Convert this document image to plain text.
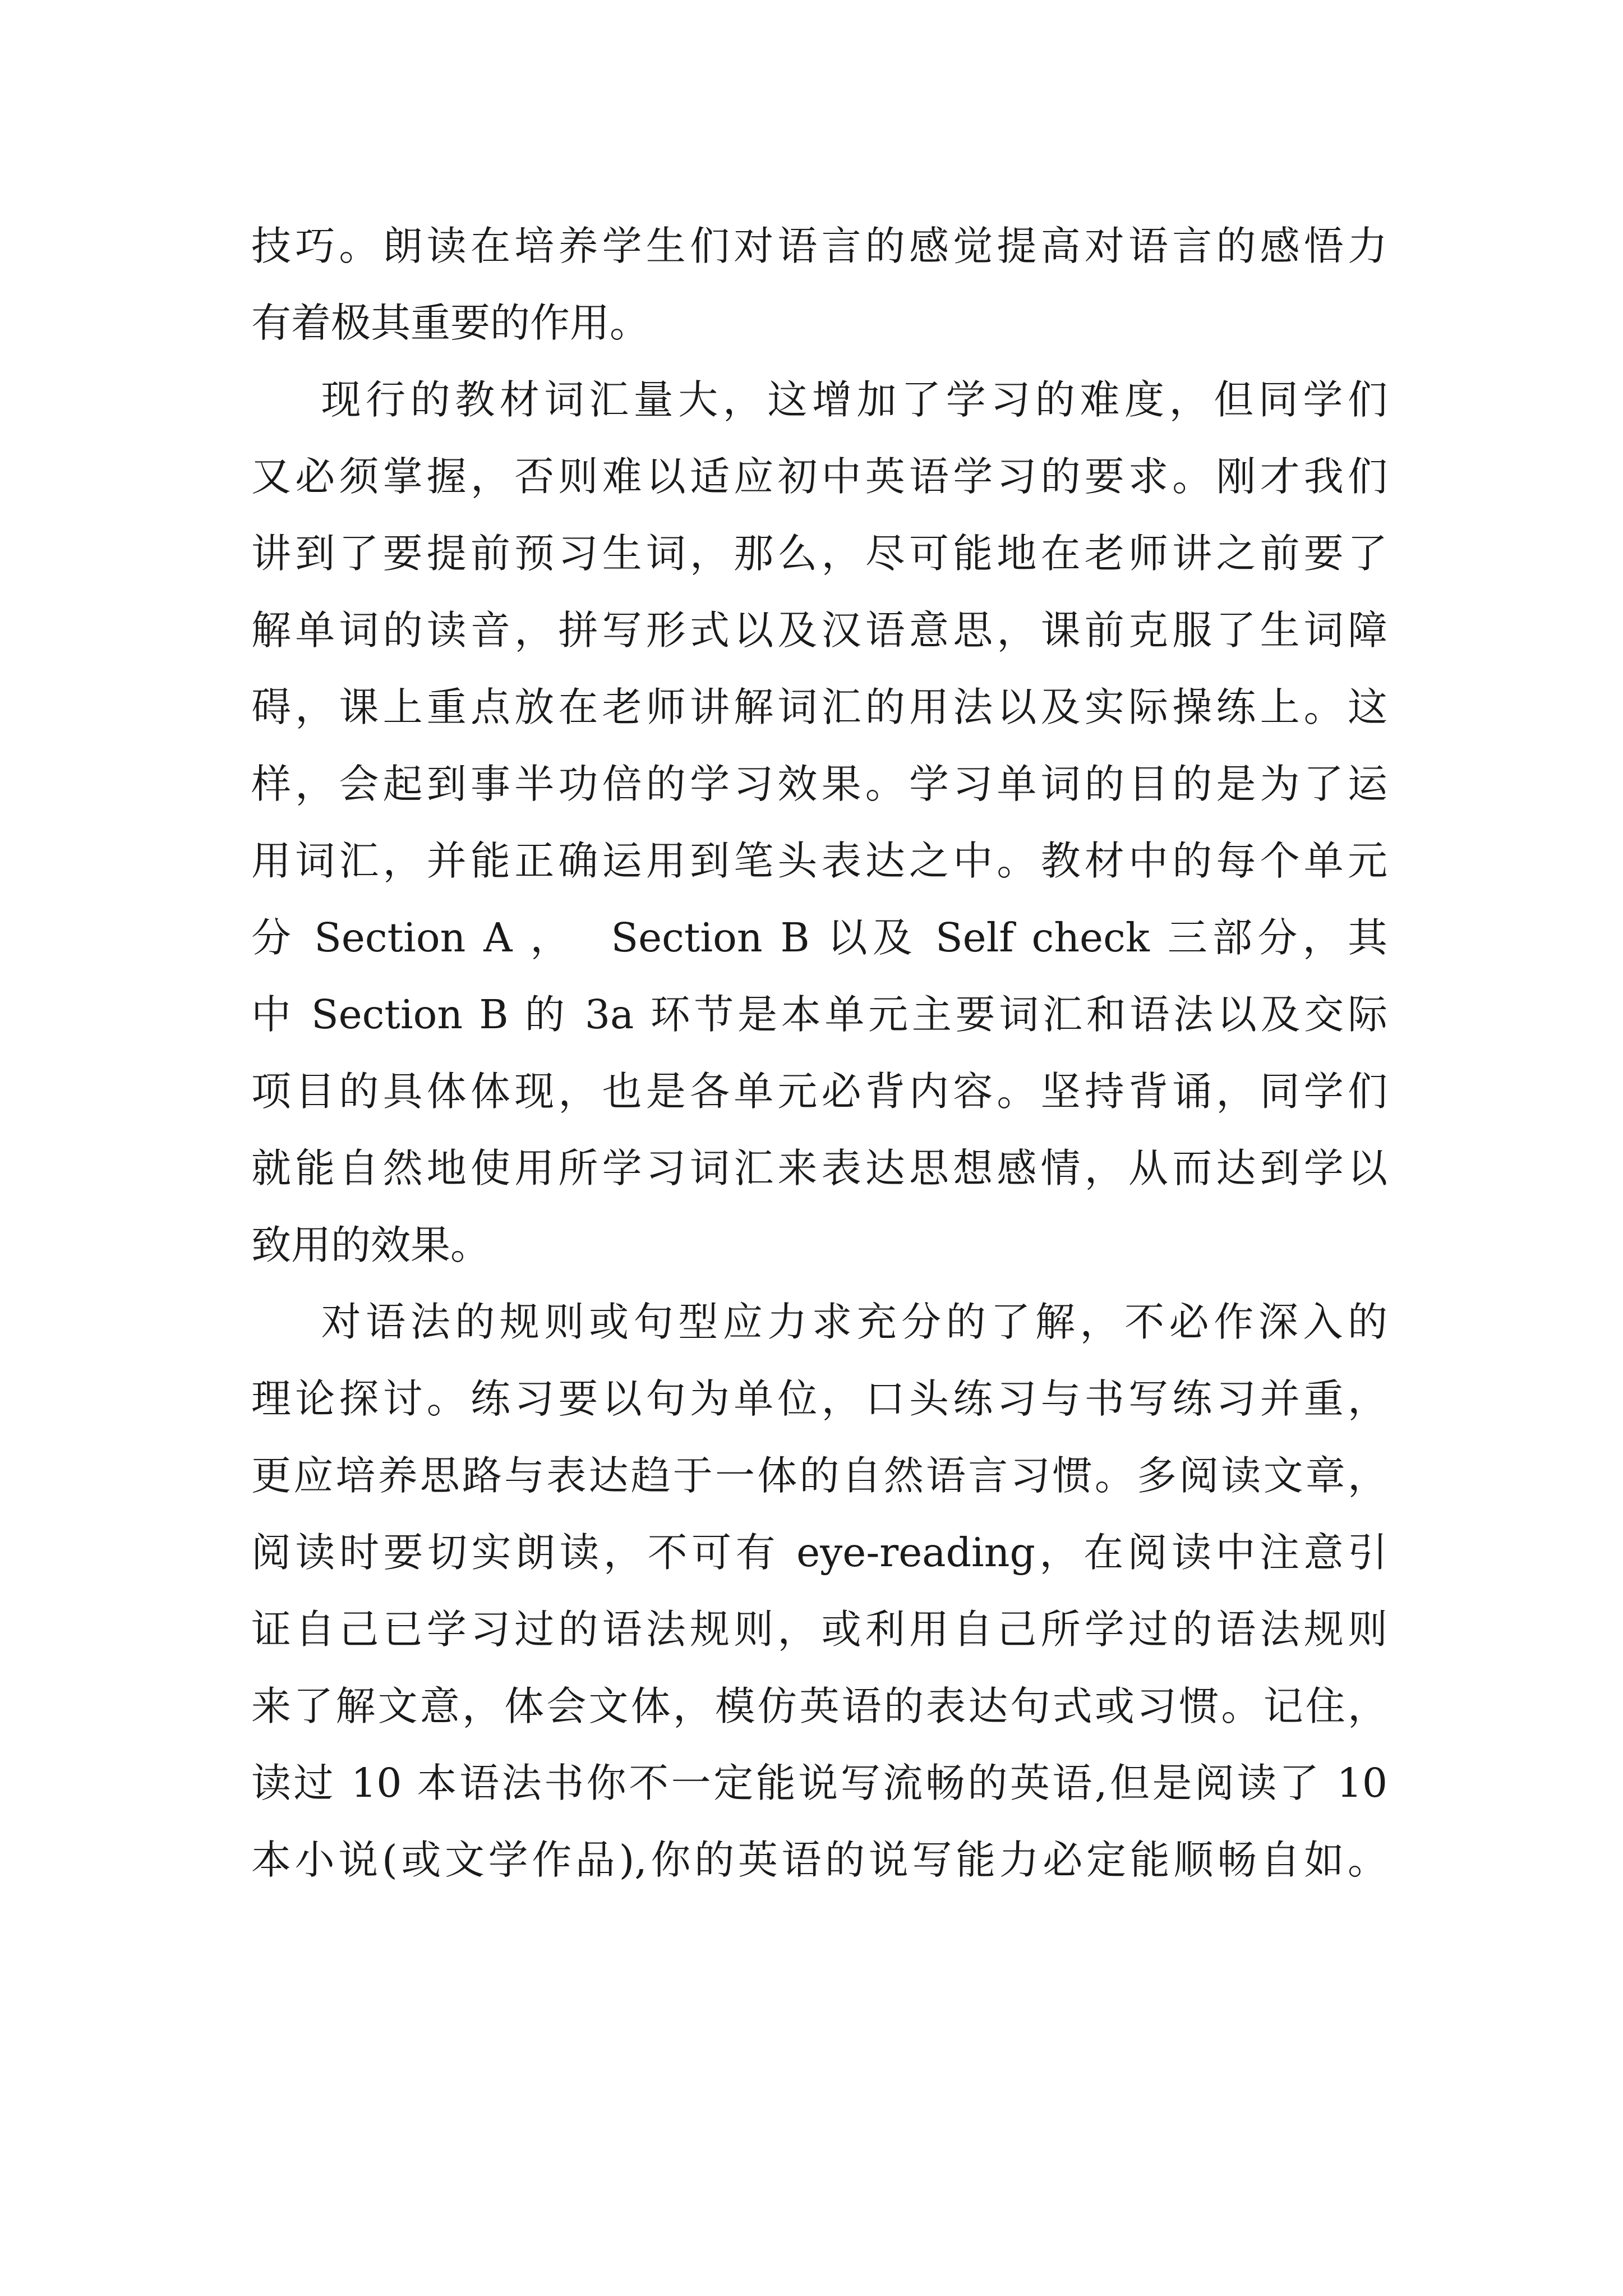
技巧。朗读在培养学生们对语言的感觉提高对语言的感悟力
有着极其重要的作用。
现行的教材词汇量大，这增加了学习的难度，但同学们
又必须掌握，否则难以适应初中英语学习的要求。刚才我们
讲到了要提前预习生词，那么，尽可能地在老师讲之前要了
解单词的读音，拼写形式以及汉语意思，课前克服了生词障
碍，课上重点放在老师讲解词汇的用法以及实际操练上。这
样，会起到事半功倍的学习效果。学习单词的目的是为了运
用词汇，并能正确运用到笔头表达之中。教材中的每个单元
分 Section A ，  Section B 以及 Self check 三部分，其
中 Section B 的 3a 环节是本单元主要词汇和语法以及交际
项目的具体体现，也是各单元必背内容。坚持背诵，同学们
就能自然地使用所学习词汇来表达思想感情，从而达到学以
致用的效果。
对语法的规则或句型应力求充分的了解，不必作深入的
理论探讨。练习要以句为单位，口头练习与书写练习并重，
更应培养思路与表达趋于一体的自然语言习惯。多阅读文章，
阅读时要切实朗读，不可有 eye-reading，在阅读中注意引
证自己已学习过的语法规则，或利用自己所学过的语法规则
来了解文意，体会文体，模仿英语的表达句式或习惯。记住，
读过 10 本语法书你不一定能说写流畅的英语,但是阅读了 10
本小说(或文学作品),你的英语的说写能力必定能顺畅自如。
